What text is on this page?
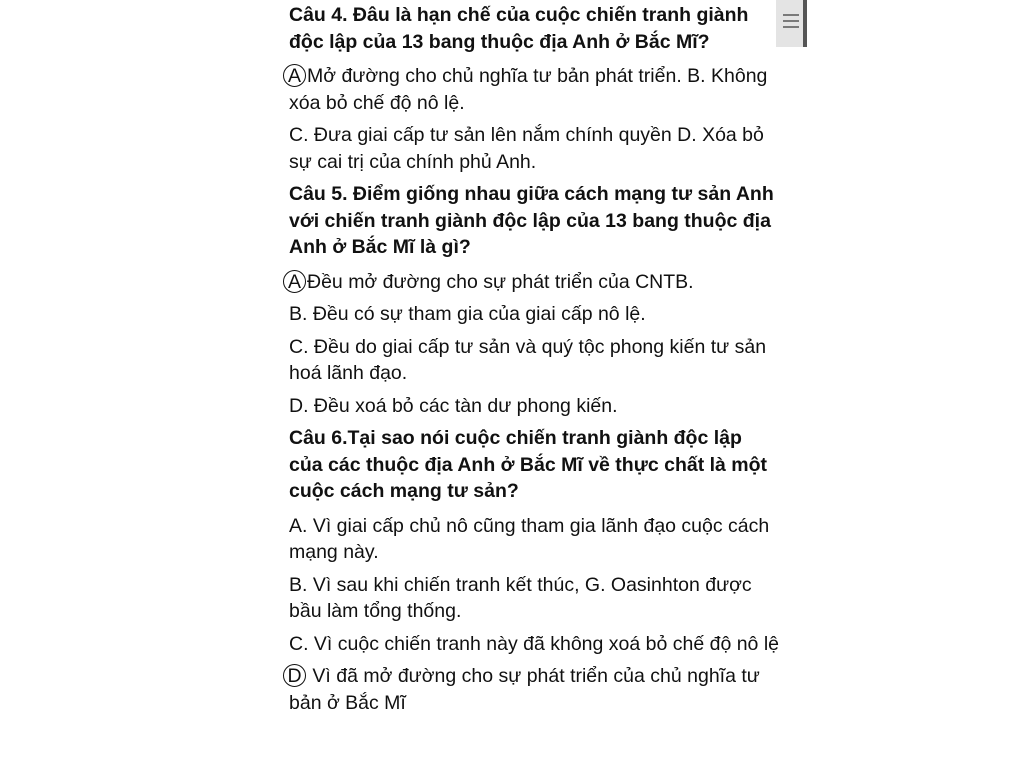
Câu 4. Đâu là hạn chế của cuộc chiến tranh giành độc lập của 13 bang thuộc địa Anh ở Bắc Mĩ?

A Mở đường cho chủ nghĩa tư bản phát triển. B. Không xóa bỏ chế độ nô lệ.

C. Đưa giai cấp tư sản lên nắm chính quyền D. Xóa bỏ sự cai trị của chính phủ Anh.

Câu 5. Điểm giống nhau giữa cách mạng tư sản Anh với chiến tranh giành độc lập của 13 bang thuộc địa Anh ở Bắc Mĩ là gì?

A Đều mở đường cho sự phát triển của CNTB.

B. Đều có sự tham gia của giai cấp nô lệ.

C. Đều do giai cấp tư sản và quý tộc phong kiến tư sản hoá lãnh đạo.

D. Đều xoá bỏ các tàn dư phong kiến.

Câu 6.Tại sao nói cuộc chiến tranh giành độc lập của các thuộc địa Anh ở Bắc Mĩ về thực chất là một cuộc cách mạng tư sản?

A. Vì giai cấp chủ nô cũng tham gia lãnh đạo cuộc cách mạng này.

B. Vì sau khi chiến tranh kết thúc, G. Oasinhton được bầu làm tổng thống.

C. Vì cuộc chiến tranh này đã không xoá bỏ chế độ nô lệ

D Vì đã mở đường cho sự phát triển của chủ nghĩa tư bản ở Bắc Mĩ
